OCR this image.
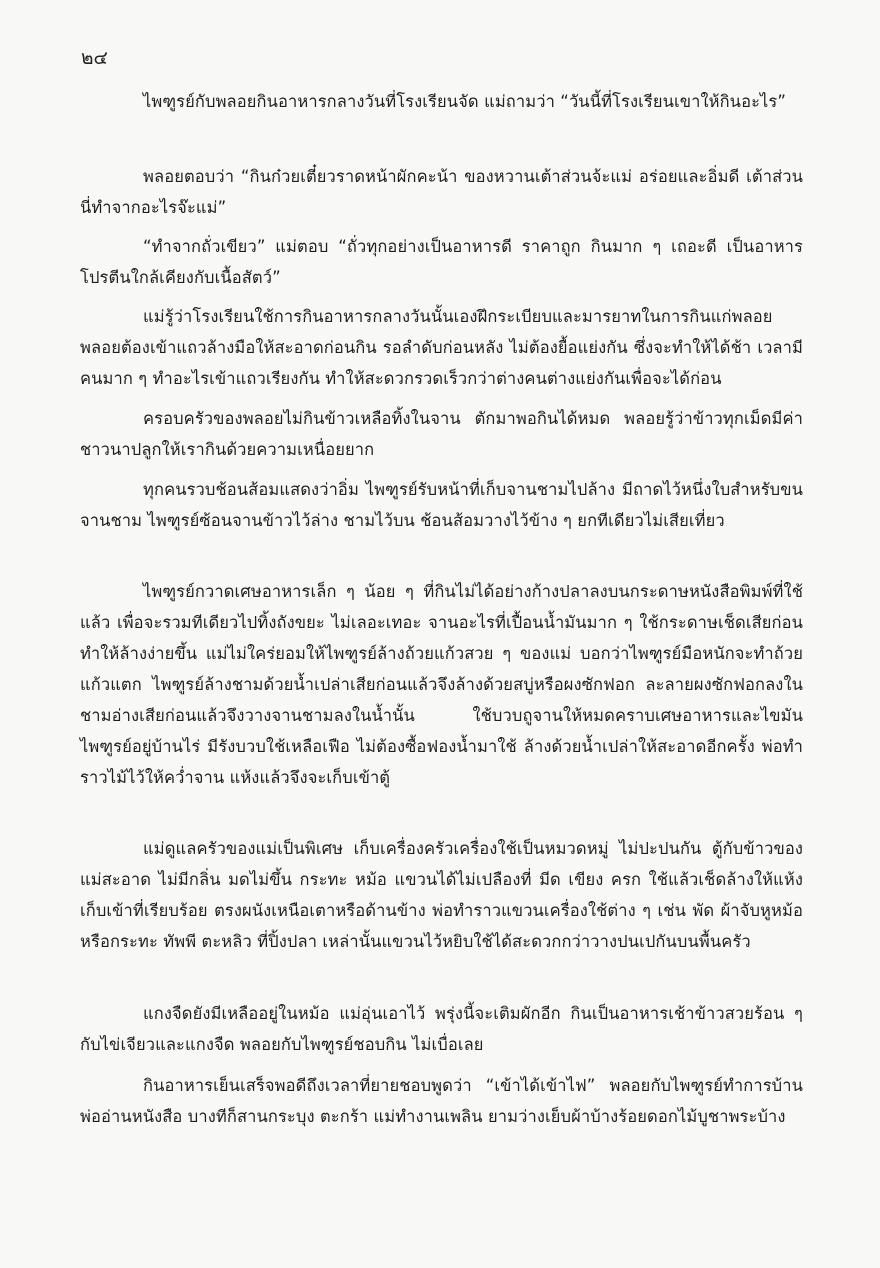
๒๔

ไพฑูรย์กับพลอยกินอาหารกลางวันที่โรงเรียนจัด แม่ถามว่า “วันนี้ที่โรงเรียนเขาให้กินอะไร”

พลอยตอบว่า “กินก๋วยเตี๋ยวราดหน้าผักคะน้า ของหวานเต้าส่วนจ้ะแม่ อร่อยและอิ่มดี เต้าส่วนนี่ทำจากอะไรจ๊ะแม่”

“ทำจากถั่วเขียว” แม่ตอบ “ถั่วทุกอย่างเป็นอาหารดี ราคาถูก กินมาก ๆ เถอะดี เป็นอาหารโปรตีนใกล้เคียงกับเนื้อสัตว์”

แม่รู้ว่าโรงเรียนใช้การกินอาหารกลางวันนั้นเองฝึกระเบียบและมารยาทในการกินแก่พลอย พลอยต้องเข้าแถวล้างมือให้สะอาดก่อนกิน รอลำดับก่อนหลัง ไม่ต้องยื้อแย่งกัน ซึ่งจะทำให้ได้ช้า เวลามีคนมาก ๆ ทำอะไรเข้าแถวเรียงกัน ทำให้สะดวกรวดเร็วกว่าต่างคนต่างแย่งกันเพื่อจะได้ก่อน

ครอบครัวของพลอยไม่กินข้าวเหลือทิ้งในจาน ตักมาพอกินได้หมด พลอยรู้ว่าข้าวทุกเม็ดมีค่า ชาวนาปลูกให้เรากินด้วยความเหนื่อยยาก

ทุกคนรวบช้อนส้อมแสดงว่าอิ่ม ไพฑูรย์รับหน้าที่เก็บจานชามไปล้าง มีถาดไว้หนึ่งใบสำหรับขนจานชาม ไพฑูรย์ซ้อนจานข้าวไว้ล่าง ชามไว้บน ช้อนส้อมวางไว้ข้าง ๆ ยกทีเดียวไม่เสียเที่ยว

ไพฑูรย์กวาดเศษอาหารเล็ก ๆ น้อย ๆ ที่กินไม่ได้อย่างก้างปลาลงบนกระดาษหนังสือพิมพ์ที่ใช้แล้ว เพื่อจะรวมทีเดียวไปทิ้งถังขยะ ไม่เลอะเทอะ จานอะไรที่เปื้อนน้ำมันมาก ๆ ใช้กระดาษเช็ดเสียก่อน ทำให้ล้างง่ายขึ้น แม่ไม่ใคร่ยอมให้ไพฑูรย์ล้างถ้วยแก้วสวย ๆ ของแม่ บอกว่าไพฑูรย์มือหนักจะทำถ้วยแก้วแตก ไพฑูรย์ล้างชามด้วยน้ำเปล่าเสียก่อนแล้วจึงล้างด้วยสบู่หรือผงซักฟอก ละลายผงซักฟอกลงในชามอ่างเสียก่อนแล้วจึงวางจานชามลงในน้ำนั้น ใช้บวบถูจานให้หมดคราบเศษอาหารและไขมัน ไพฑูรย์อยู่บ้านไร่ มีรังบวบใช้เหลือเฟือ ไม่ต้องซื้อฟองน้ำมาใช้ ล้างด้วยน้ำเปล่าให้สะอาดอีกครั้ง พ่อทำราวไม้ไว้ให้คว่ำจาน แห้งแล้วจึงจะเก็บเข้าตู้

แม่ดูแลครัวของแม่เป็นพิเศษ เก็บเครื่องครัวเครื่องใช้เป็นหมวดหมู่ ไม่ปะปนกัน ตู้กับข้าวของแม่สะอาด ไม่มีกลิ่น มดไม่ขึ้น กระทะ หม้อ แขวนได้ไม่เปลืองที่ มีด เขียง ครก ใช้แล้วเช็ดล้างให้แห้ง เก็บเข้าที่เรียบร้อย ตรงผนังเหนือเตาหรือด้านข้าง พ่อทำราวแขวนเครื่องใช้ต่าง ๆ เช่น พัด ผ้าจับหูหม้อ หรือกระทะ ทัพพี ตะหลิว ที่ปิ้งปลา เหล่านั้นแขวนไว้หยิบใช้ได้สะดวกกว่าวางปนเปกันบนพื้นครัว

แกงจืดยังมีเหลืออยู่ในหม้อ แม่อุ่นเอาไว้ พรุ่งนี้จะเติมผักอีก กินเป็นอาหารเช้าข้าวสวยร้อน ๆ กับไข่เจียวและแกงจืด พลอยกับไพฑูรย์ชอบกิน ไม่เบื่อเลย

กินอาหารเย็นเสร็จพอดีถึงเวลาที่ยายชอบพูดว่า “เข้าได้เข้าไฟ” พลอยกับไพฑูรย์ทำการบ้าน พ่ออ่านหนังสือ บางทีก็สานกระบุง ตะกร้า แม่ทำงานเพลิน ยามว่างเย็บผ้าบ้างร้อยดอกไม้บูชาพระบ้าง
